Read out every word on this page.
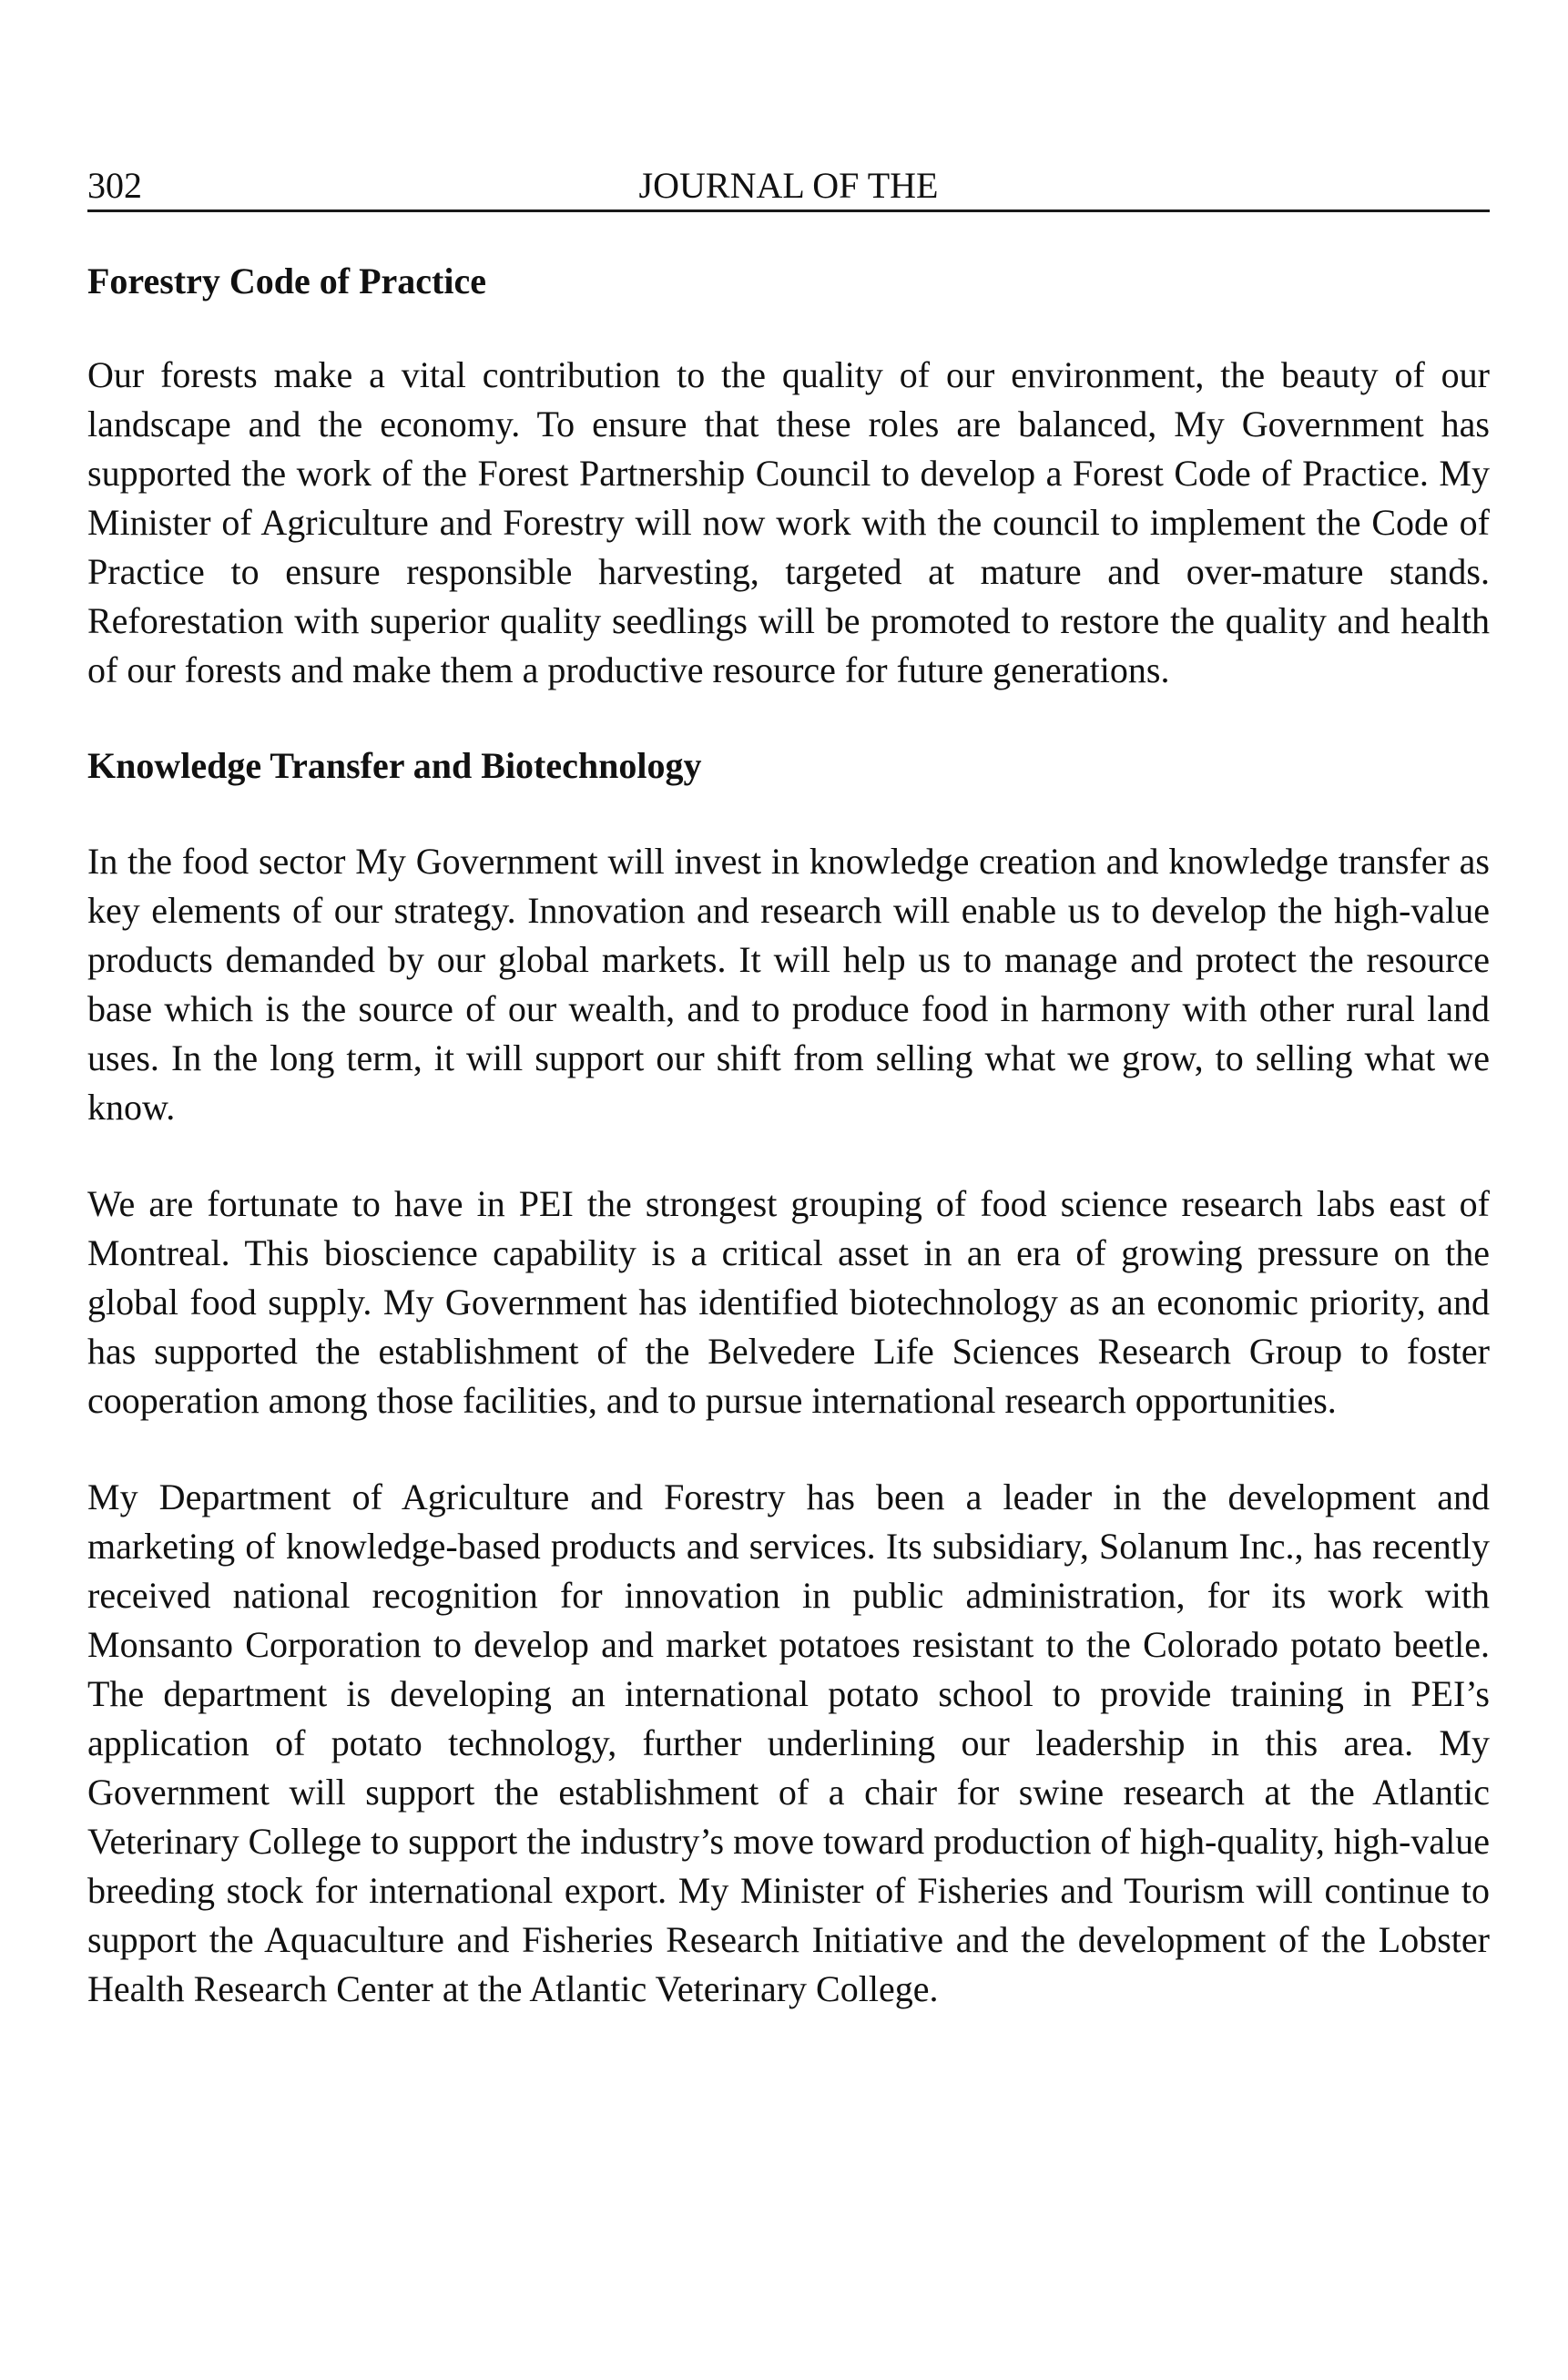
302	JOURNAL OF THE
Forestry Code of Practice

Our forests make a vital contribution to the quality of our environment, the beauty of our landscape and the economy. To ensure that these roles are balanced, My Government has supported the work of the Forest Partnership Council to develop a Forest Code of Practice. My Minister of Agriculture and Forestry will now work with the council to implement the Code of Practice to ensure responsible harvesting, targeted at mature and over-mature stands. Reforestation with superior quality seedlings will be promoted to restore the quality and health of our forests and make them a productive resource for future generations.

Knowledge Transfer and Biotechnology

In the food sector My Government will invest in knowledge creation and knowledge transfer as key elements of our strategy. Innovation and research will enable us to develop the high-value products demanded by our global markets. It will help us to manage and protect the resource base which is the source of our wealth, and to produce food in harmony with other rural land uses. In the long term, it will support our shift from selling what we grow, to selling what we know.

We are fortunate to have in PEI the strongest grouping of food science research labs east of Montreal. This bioscience capability is a critical asset in an era of growing pressure on the global food supply. My Government has identified biotechnology as an economic priority, and has supported the establishment of the Belvedere Life Sciences Research Group to foster cooperation among those facilities, and to pursue international research opportunities.

My Department of Agriculture and Forestry has been a leader in the development and marketing of knowledge-based products and services. Its subsidiary, Solanum Inc., has recently received national recognition for innovation in public administration, for its work with Monsanto Corporation to develop and market potatoes resistant to the Colorado potato beetle. The department is developing an international potato school to provide training in PEI’s application of potato technology, further underlining our leadership in this area. My Government will support the establishment of a chair for swine research at the Atlantic Veterinary College to support the industry’s move toward production of high-quality, high-value breeding stock for international export. My Minister of Fisheries and Tourism will continue to support the Aquaculture and Fisheries Research Initiative and the development of the Lobster Health Research Center at the Atlantic Veterinary College.
